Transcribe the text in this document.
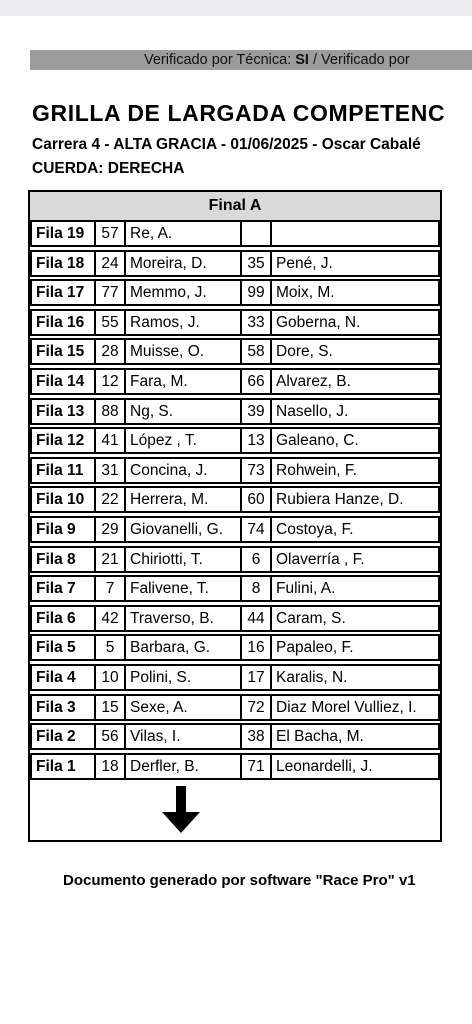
Verificado por Técnica: SI / Verificado por
GRILLA DE LARGADA COMPETENC
Carrera 4 - ALTA GRACIA - 01/06/2025 - Oscar Cabalé
CUERDA: DERECHA
Final A
Fila 19	57 Re, A.
Fila 18	24 Moreira, D.	35 Pené, J.
Fila 17	77 Memmo, J.	99 Moix, M.
Fila 16	55 Ramos, J.	33 Goberna, N.
Fila 15	28 Muisse, O.	58 Dore, S.
Fila 14	12 Fara, M.	66 Alvarez, B.
Fila 13	88 Ng, S.	39 Nasello, J.
Fila 12	41 López , T.	13 Galeano, C.
Fila 11	31 Concina, J.	73 Rohwein, F.
Fila 10	22 Herrera, M.	60 Rubiera Hanze, D.
Fila 9	29 Giovanelli, G.	74 Costoya, F.
Fila 8	21 Chiriotti, T.	6	Olaverría , F.
Fila 7	7	Falivene, T.	8	Fulini, A.
Fila 6	42 Traverso, B.	44 Caram, S.
Fila 5	5	Barbara, G.	16 Papaleo, F.
Fila 4	10 Polini, S.	17 Karalis, N.
Fila 3	15 Sexe, A.	72 Diaz Morel Vulliez, I.
Fila 2	56 Vilas, I.	38 El Bacha, M.
Fila 1	18 Derfler, B.	71 Leonardelli, J.
Documento generado por software "Race Pro" v1
